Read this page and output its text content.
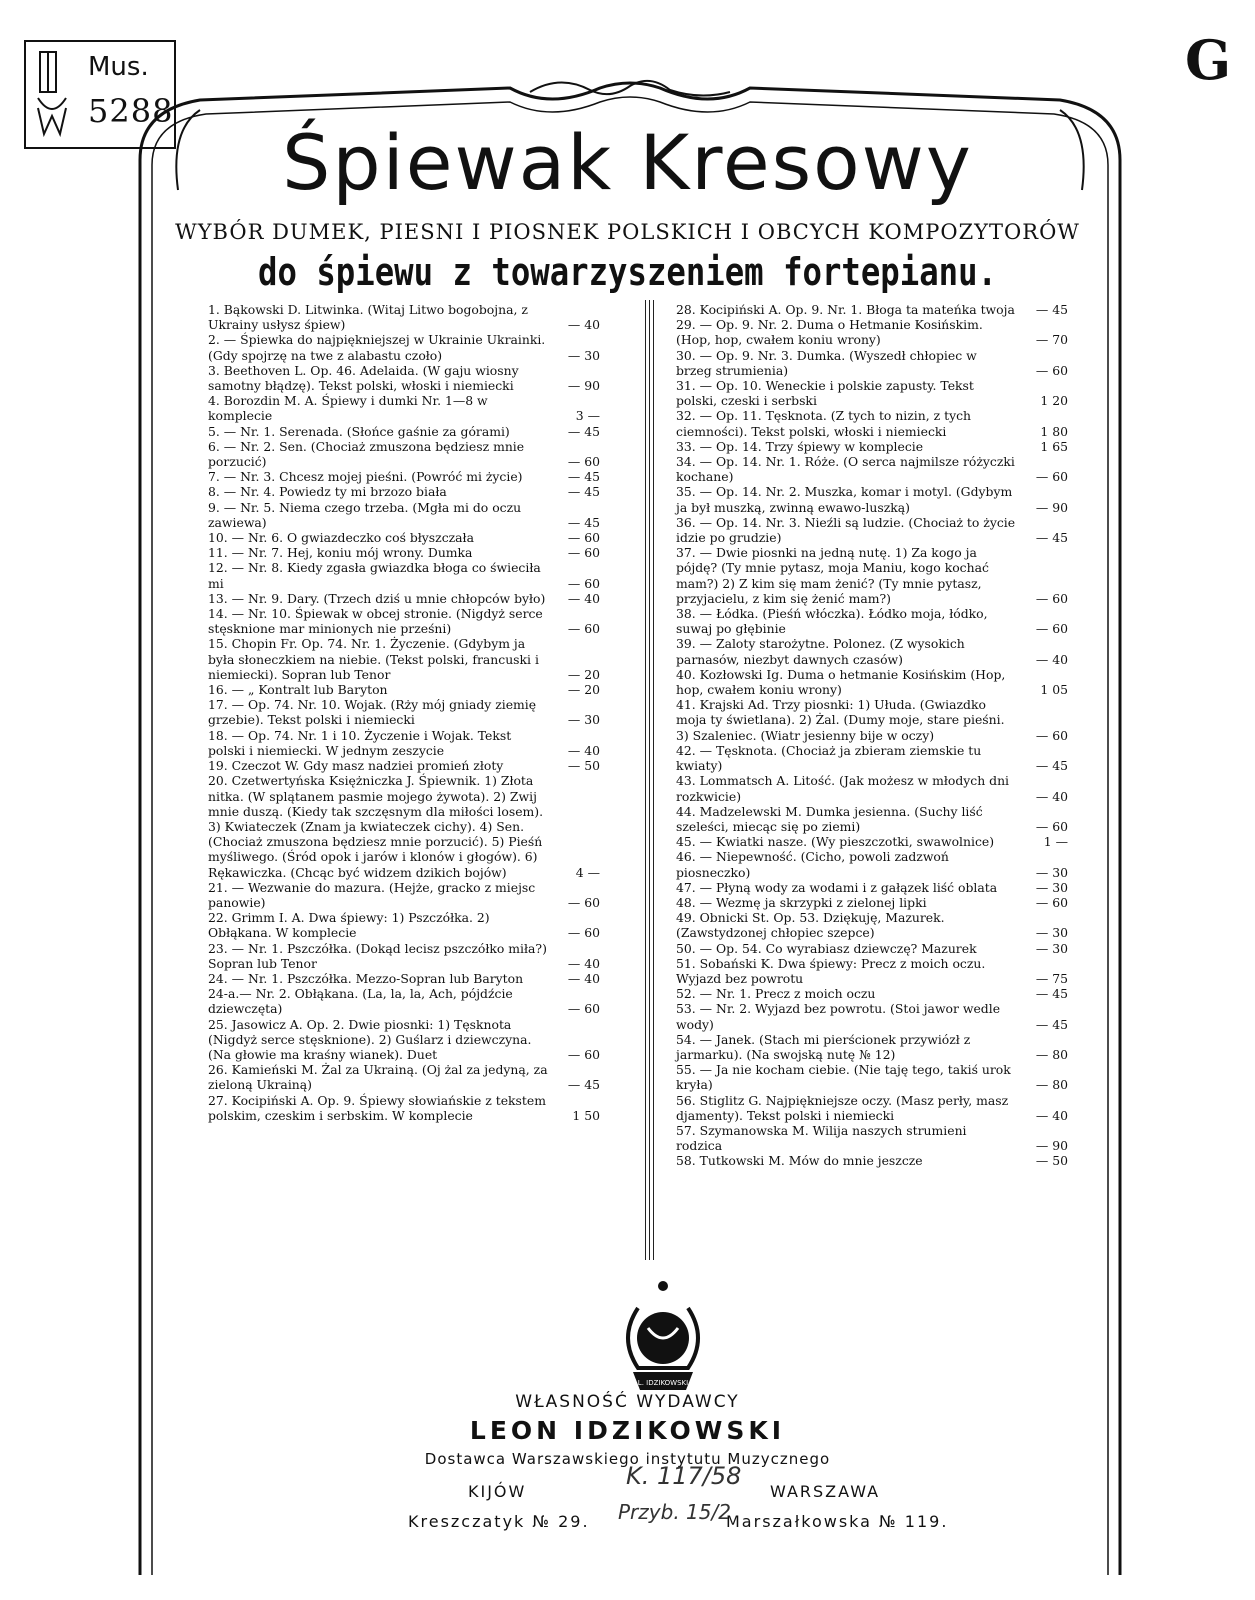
Mus.
5288
G
Śpiewak Kresowy
WYBÓR DUMEK, PIESNI I PIOSNEK POLSKICH I OBCYCH KOMPOZYTORÓW
do śpiewu z towarzyszeniem fortepianu.
1. Bąkowski D. Litwinka. (Witaj Litwo bogobojna, z Ukrainy usłysz śpiew)	— 40
2. — Śpiewka do najpiękniejszej w Ukrainie Ukrainki. (Gdy spojrzę na twe z alabastu czoło)	— 30
3. Beethoven L. Op. 46. Adelaida. (W gaju wiosny samotny błądzę). Tekst polski, włoski i niemiecki	— 90
4. Borozdin M. A. Śpiewy i dumki Nr. 1—8 w komplecie	3 —
5. — Nr. 1. Serenada. (Słońce gaśnie za górami)	— 45
6. — Nr. 2. Sen. (Chociaż zmuszona będziesz mnie porzucić)	— 60
7. — Nr. 3. Chcesz mojej pieśni. (Powróć mi życie)	— 45
8. — Nr. 4. Powiedz ty mi brzozo biała	— 45
9. — Nr. 5. Niema czego trzeba. (Mgła mi do oczu zawiewa)	— 45
10. — Nr. 6. O gwiazdeczko coś błyszczała	— 60
11. — Nr. 7. Hej, koniu mój wrony. Dumka	— 60
12. — Nr. 8. Kiedy zgasła gwiazdka błoga co świeciła mi	— 60
13. — Nr. 9. Dary. (Trzech dziś u mnie chłopców było)	— 40
14. — Nr. 10. Śpiewak w obcej stronie. (Nigdyż serce stęsknione mar minionych nie prześni)	— 60
15. Chopin Fr. Op. 74. Nr. 1. Życzenie. (Gdybym ja była słoneczkiem na niebie. (Tekst polski, francuski i niemiecki). Sopran lub Tenor	— 20
16. — „ Kontralt lub Baryton	— 20
17. — Op. 74. Nr. 10. Wojak. (Rży mój gniady ziemię grzebie). Tekst polski i niemiecki	— 30
18. — Op. 74. Nr. 1 i 10. Życzenie i Wojak. Tekst polski i niemiecki. W jednym zeszycie	— 40
19. Czeczot W. Gdy masz nadziei promień złoty	— 50
20. Czetwertyńska Księżniczka J. Śpiewnik. 1) Złota nitka. (W splątanem pasmie mojego żywota). 2) Zwij mnie duszą. (Kiedy tak szczęsnym dla miłości losem). 3) Kwiateczek (Znam ja kwiateczek cichy). 4) Sen. (Chociaż zmuszona będziesz mnie porzucić). 5) Pieśń myśliwego. (Śród opok i jarów i klonów i głogów). 6) Rękawiczka. (Chcąc być widzem dzikich bojów)	4 —
21. — Wezwanie do mazura. (Hejże, gracko z miejsc panowie)	— 60
22. Grimm I. A. Dwa śpiewy: 1) Pszczółka. 2) Obłąkana. W komplecie	— 60
23. — Nr. 1. Pszczółka. (Dokąd lecisz pszczółko miła?) Sopran lub Tenor	— 40
24. — Nr. 1. Pszczółka. Mezzo-Sopran lub Baryton	— 40
24-a.— Nr. 2. Obłąkana. (La, la, la, Ach, pójdźcie dziewczęta)	— 60
25. Jasowicz A. Op. 2. Dwie piosnki: 1) Tęsknota (Nigdyż serce stęsknione). 2) Guślarz i dziewczyna. (Na głowie ma kraśny wianek). Duet	— 60
26. Kamieński M. Żal za Ukrainą. (Oj żal za jedyną, za zieloną Ukrainą)	— 45
27. Kocipiński A. Op. 9. Śpiewy słowiańskie z tekstem polskim, czeskim i serbskim. W komplecie	1 50
28. Kocipiński A. Op. 9. Nr. 1. Błoga ta mateńka twoja	— 45
29. — Op. 9. Nr. 2. Duma o Hetmanie Kosińskim. (Hop, hop, cwałem koniu wrony)	— 70
30. — Op. 9. Nr. 3. Dumka. (Wyszedł chłopiec w brzeg strumienia)	— 60
31. — Op. 10. Weneckie i polskie zapusty. Tekst polski, czeski i serbski	1 20
32. — Op. 11. Tęsknota. (Z tych to nizin, z tych ciemności). Tekst polski, włoski i niemiecki	1 80
33. — Op. 14. Trzy śpiewy w komplecie	1 65
34. — Op. 14. Nr. 1. Róże. (O serca najmilsze różyczki kochane)	— 60
35. — Op. 14. Nr. 2. Muszka, komar i motyl. (Gdybym ja był muszką, zwinną ewawo-luszką)	— 90
36. — Op. 14. Nr. 3. Nieźli są ludzie. (Chociaż to życie idzie po grudzie)	— 45
37. — Dwie piosnki na jedną nutę. 1) Za kogo ja pójdę? (Ty mnie pytasz, moja Maniu, kogo kochać mam?) 2) Z kim się mam żenić? (Ty mnie pytasz, przyjacielu, z kim się żenić mam?)	— 60
38. — Łódka. (Pieśń włóczka). Łódko moja, łódko, suwaj po głębinie	— 60
39. — Zaloty starożytne. Polonez. (Z wysokich parnasów, niezbyt dawnych czasów)	— 40
40. Kozłowski Ig. Duma o hetmanie Kosińskim (Hop, hop, cwałem koniu wrony)	1 05
41. Krajski Ad. Trzy piosnki: 1) Ułuda. (Gwiazdko moja ty świetlana). 2) Żal. (Dumy moje, stare pieśni. 3) Szaleniec. (Wiatr jesienny bije w oczy)	— 60
42. — Tęsknota. (Chociaż ja zbieram ziemskie tu kwiaty)	— 45
43. Lommatsch A. Litość. (Jak możesz w młodych dni rozkwicie)	— 40
44. Madzelewski M. Dumka jesienna. (Suchy liść szeleści, miecąc się po ziemi)	— 60
45. — Kwiatki nasze. (Wy pieszczotki, swawolnice)	1 —
46. — Niepewność. (Cicho, powoli zadzwoń piosneczko)	— 30
47. — Płyną wody za wodami i z gałązek liść oblata	— 30
48. — Wezmę ja skrzypki z zielonej lipki	— 60
49. Obnicki St. Op. 53. Dziękuję, Mazurek. (Zawstydzonej chłopiec szepce)	— 30
50. — Op. 54. Co wyrabiasz dziewczę? Mazurek	— 30
51. Sobański K. Dwa śpiewy: Precz z moich oczu. Wyjazd bez powrotu	— 75
52. — Nr. 1. Precz z moich oczu	— 45
53. — Nr. 2. Wyjazd bez powrotu. (Stoi jawor wedle wody)	— 45
54. — Janek. (Stach mi pierścionek przywiózł z jarmarku). (Na swojską nutę № 12)	— 80
55. — Ja nie kocham ciebie. (Nie taję tego, takiś urok kryła)	— 80
56. Stiglitz G. Najpiękniejsze oczy. (Masz perły, masz djamenty). Tekst polski i niemiecki	— 40
57. Szymanowska M. Wilija naszych strumieni rodzica	— 90
58. Tutkowski M. Mów do mnie jeszcze	— 50
L. IDZIKOWSKI
WŁASNOŚĆ WYDAWCY
LEON IDZIKOWSKI
Dostawca Warszawskiego instytutu Muzycznego
KIJÓW
Kreszczatyk № 29.
WARSZAWA
Marszałkowska № 119.
K. 117/58
Przyb. 15/2
